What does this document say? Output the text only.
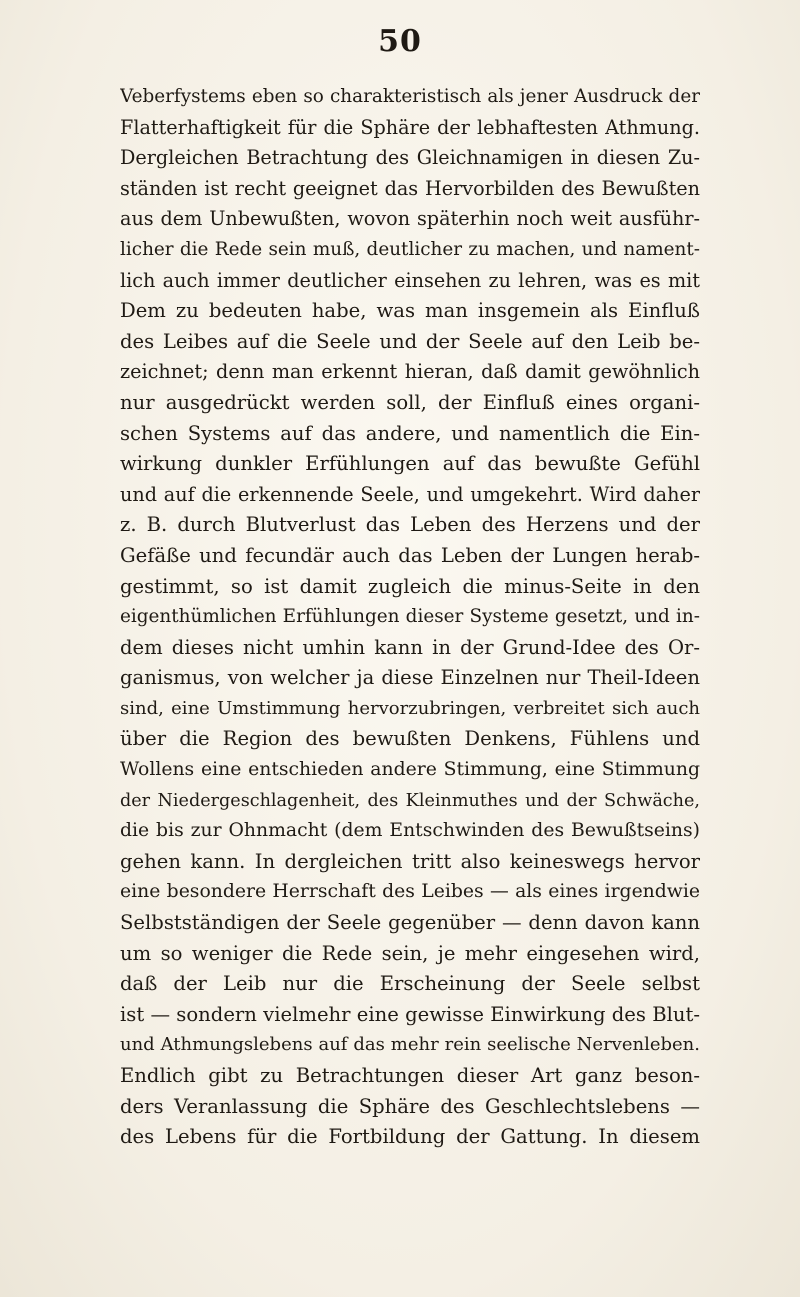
50
Veberfystems eben so charakteristisch als jener Ausdruck der
Flatterhaftigkeit für die Sphäre der lebhaftesten Athmung.
Dergleichen Betrachtung des Gleichnamigen in diesen Zu-
ständen ist recht geeignet das Hervorbilden des Bewußten
aus dem Unbewußten, wovon späterhin noch weit ausführ-
licher die Rede sein muß, deutlicher zu machen, und nament-
lich auch immer deutlicher einsehen zu lehren, was es mit
Dem zu bedeuten habe, was man insgemein als Einfluß
des Leibes auf die Seele und der Seele auf den Leib be-
zeichnet; denn man erkennt hieran, daß damit gewöhnlich
nur ausgedrückt werden soll, der Einfluß eines organi-
schen Systems auf das andere, und namentlich die Ein-
wirkung dunkler Erfühlungen auf das bewußte Gefühl
und auf die erkennende Seele, und umgekehrt. Wird daher
z. B. durch Blutverlust das Leben des Herzens und der
Gefäße und fecundär auch das Leben der Lungen herab-
gestimmt, so ist damit zugleich die minus-Seite in den
eigenthümlichen Erfühlungen dieser Systeme gesetzt, und in-
dem dieses nicht umhin kann in der Grund-Idee des Or-
ganismus, von welcher ja diese Einzelnen nur Theil-Ideen
sind, eine Umstimmung hervorzubringen, verbreitet sich auch
über die Region des bewußten Denkens, Fühlens und
Wollens eine entschieden andere Stimmung, eine Stimmung
der Niedergeschlagenheit, des Kleinmuthes und der Schwäche,
die bis zur Ohnmacht (dem Entschwinden des Bewußtseins)
gehen kann. In dergleichen tritt also keineswegs hervor
eine besondere Herrschaft des Leibes — als eines irgendwie
Selbstständigen der Seele gegenüber — denn davon kann
um so weniger die Rede sein, je mehr eingesehen wird,
daß der Leib nur die Erscheinung der Seele selbst
ist — sondern vielmehr eine gewisse Einwirkung des Blut-
und Athmungslebens auf das mehr rein seelische Nervenleben.
Endlich gibt zu Betrachtungen dieser Art ganz beson-
ders Veranlassung die Sphäre des Geschlechtslebens —
des Lebens für die Fortbildung der Gattung. In diesem
